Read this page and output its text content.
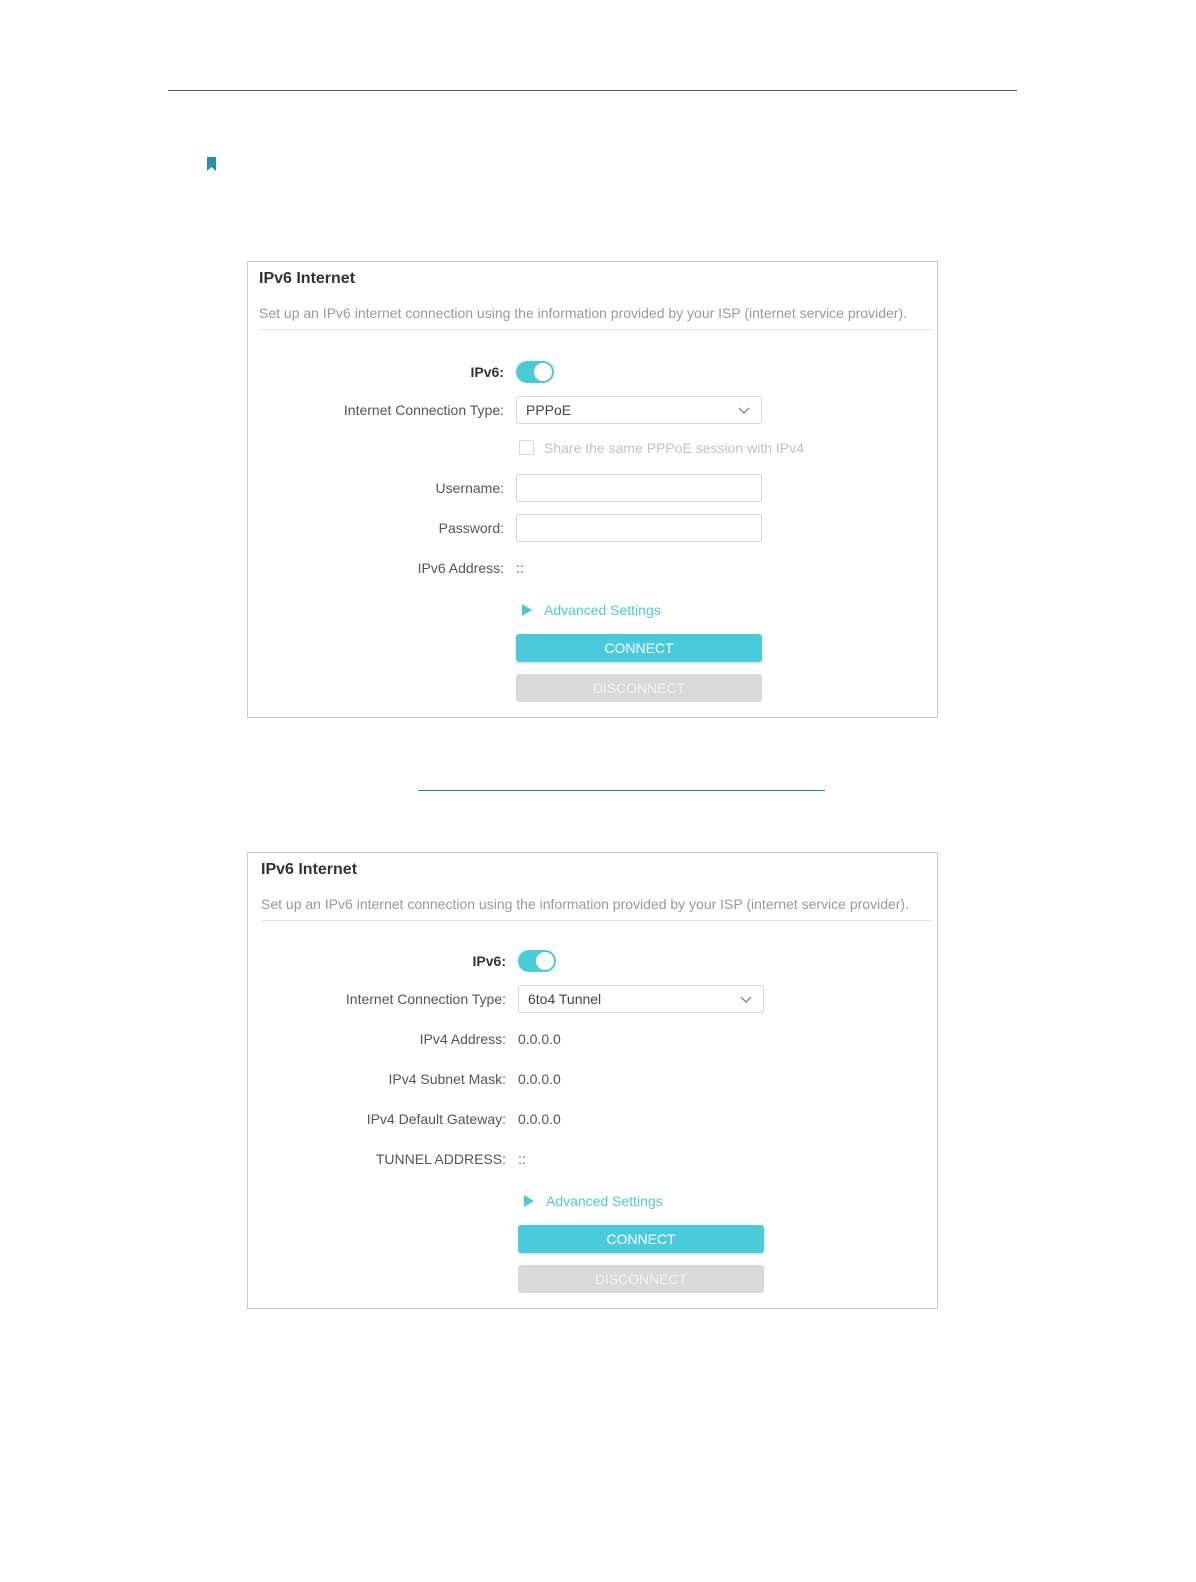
IPv6 Internet
Set up an IPv6 internet connection using the information provided by your ISP (internet service provider).
IPv6:
Internet Connection Type: PPPoE
Share the same PPPoE session with IPv4
Username:
Password:
IPv6 Address: ::
Advanced Settings
CONNECT
DISCONNECT
IPv6 Internet
Set up an IPv6 internet connection using the information provided by your ISP (internet service provider).
IPv6:
Internet Connection Type: 6to4 Tunnel
IPv4 Address: 0.0.0.0
IPv4 Subnet Mask: 0.0.0.0
IPv4 Default Gateway: 0.0.0.0
TUNNEL ADDRESS: ::
Advanced Settings
CONNECT
DISCONNECT
